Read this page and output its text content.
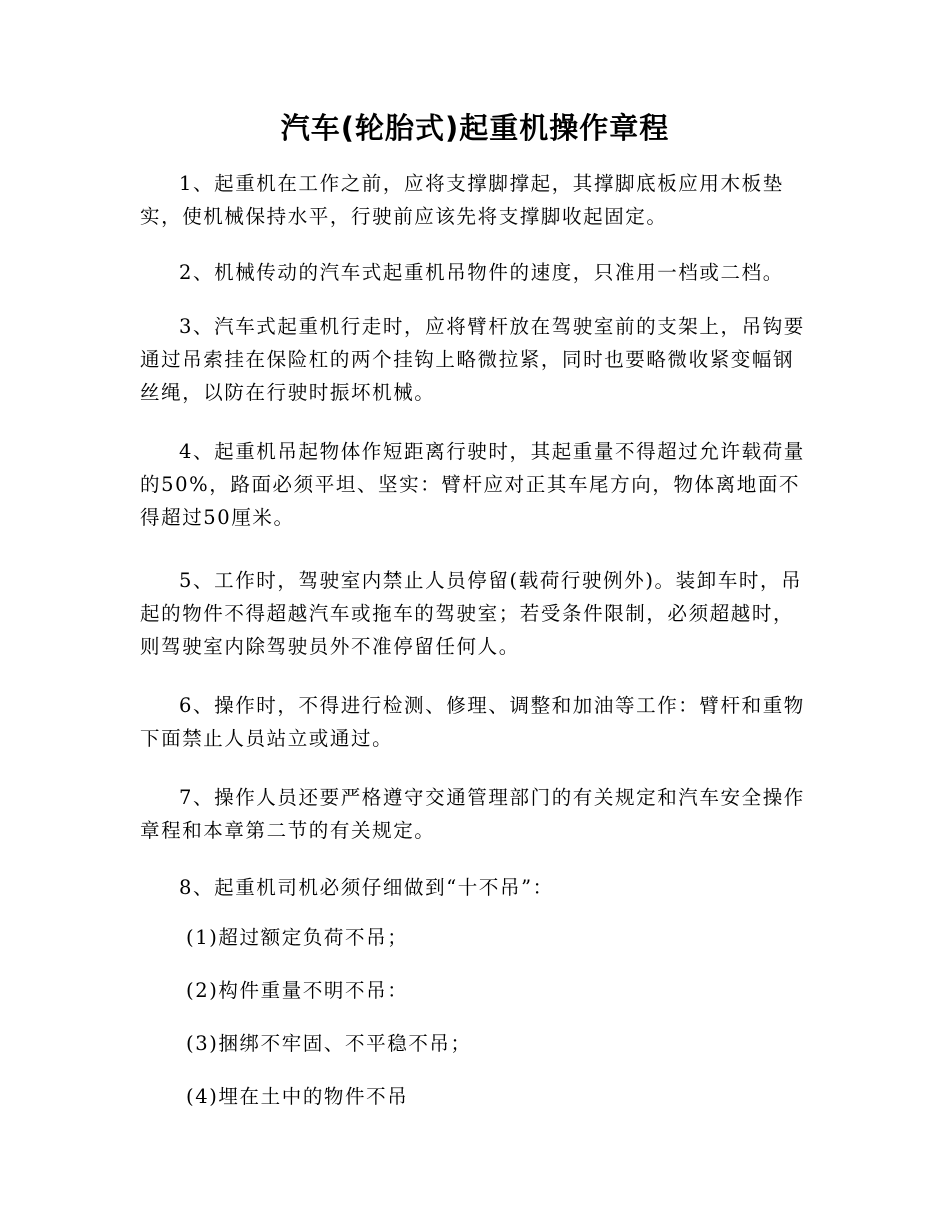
汽车(轮胎式)起重机操作章程

1、起重机在工作之前，应将支撑脚撑起，其撑脚底板应用木板垫实，使机械保持水平，行驶前应该先将支撑脚收起固定。

2、机械传动的汽车式起重机吊物件的速度，只准用一档或二档。

3、汽车式起重机行走时，应将臂杆放在驾驶室前的支架上，吊钩要通过吊索挂在保险杠的两个挂钩上略微拉紧，同时也要略微收紧变幅钢丝绳，以防在行驶时振坏机械。

4、起重机吊起物体作短距离行驶时，其起重量不得超过允许载荷量的50%，路面必须平坦、坚实：臂杆应对正其车尾方向，物体离地面不得超过50厘米。

5、工作时，驾驶室内禁止人员停留(载荷行驶例外)。装卸车时，吊起的物件不得超越汽车或拖车的驾驶室；若受条件限制，必须超越时，则驾驶室内除驾驶员外不准停留任何人。

6、操作时，不得进行检测、修理、调整和加油等工作：臂杆和重物下面禁止人员站立或通过。

7、操作人员还要严格遵守交通管理部门的有关规定和汽车安全操作章程和本章第二节的有关规定。

8、起重机司机必须仔细做到“十不吊”：

(1)超过额定负荷不吊；
(2)构件重量不明不吊：
(3)捆绑不牢固、不平稳不吊；
(4)埋在土中的物件不吊
